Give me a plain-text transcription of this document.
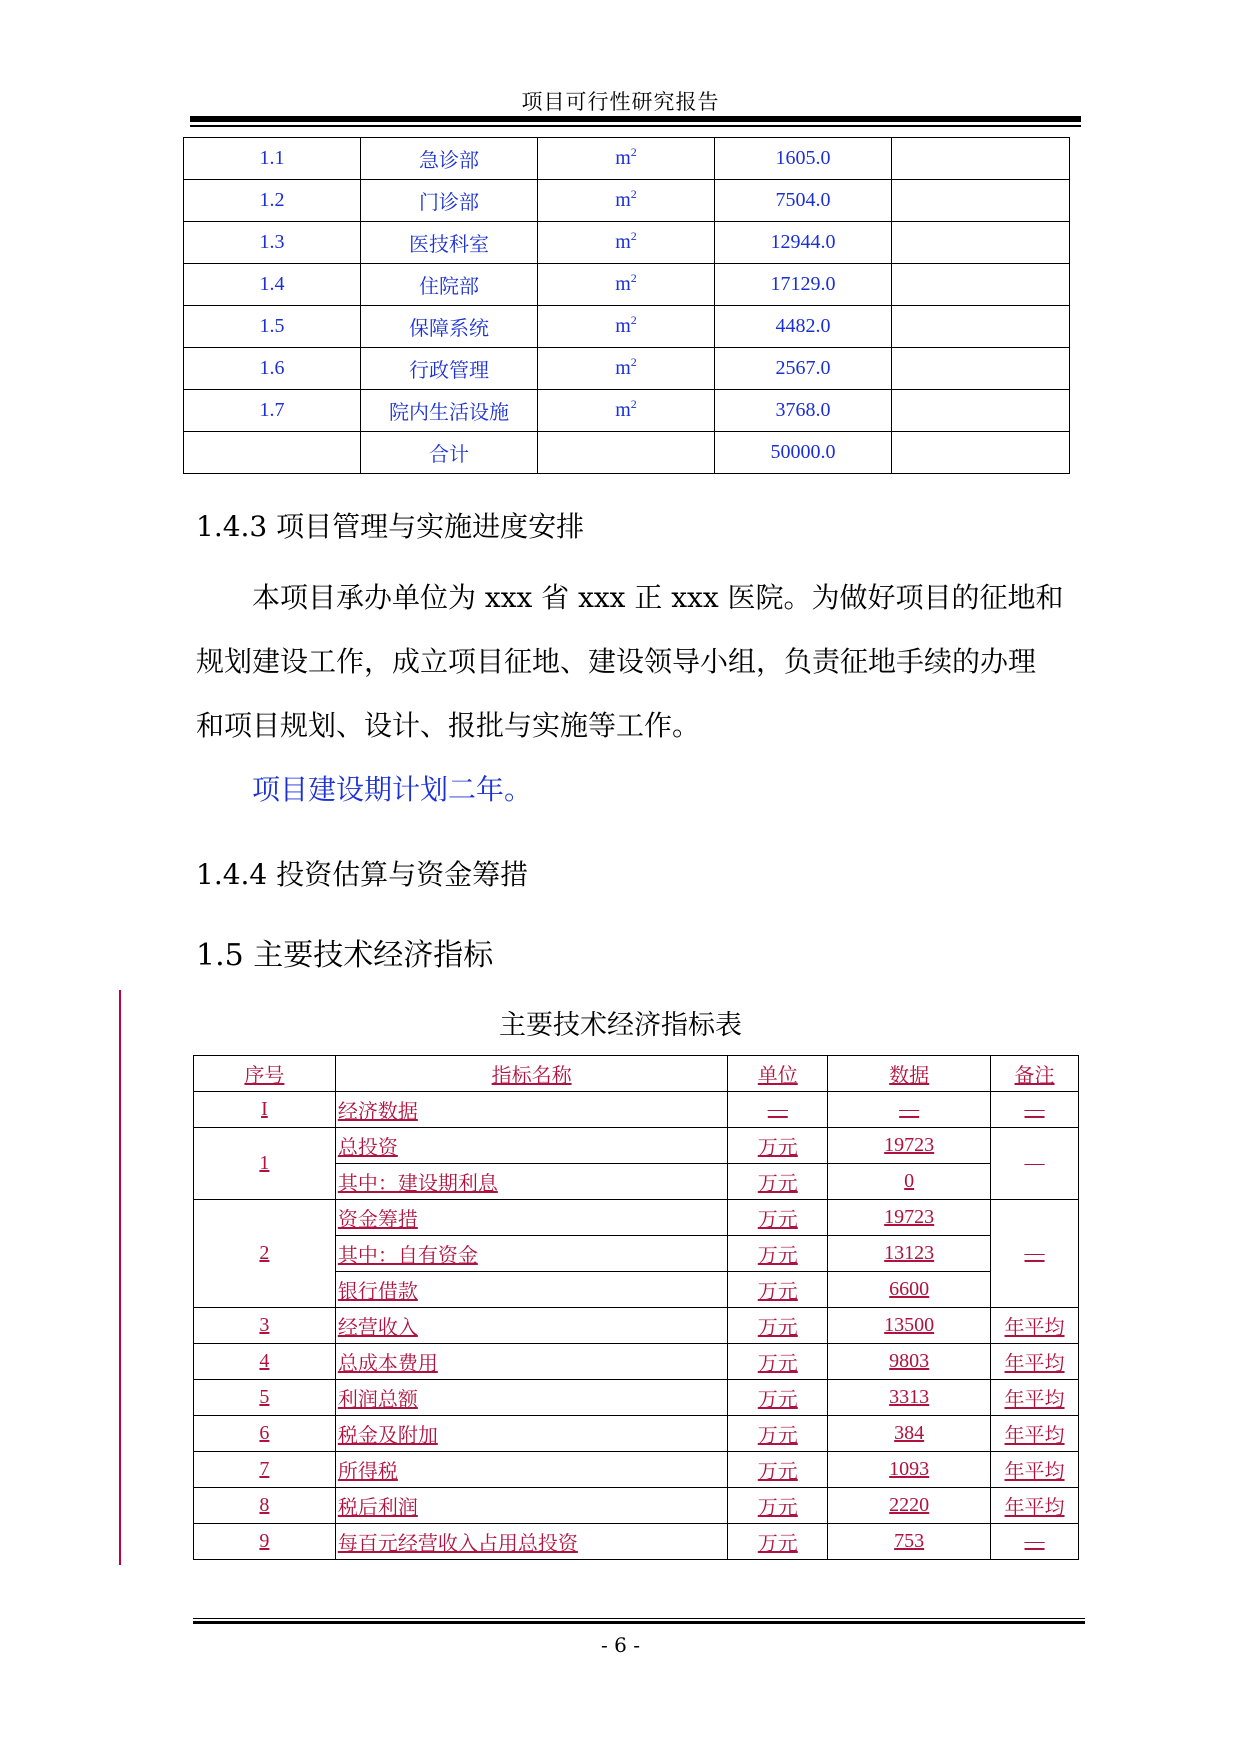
项目可行性研究报告
1.1	急诊部	$m^2$	1605.0	
1.2	门诊部	$m^2$	7504.0	
1.3	医技科室	$m^2$	12944.0	
1.4	住院部	$m^2$	17129.0	
1.5	保障系统	$m^2$	4482.0	
1.6	行政管理	$m^2$	2567.0	
1.7	院内生活设施	$m^2$	3768.0	
	合计		50000.0	
1.4.3 项目管理与实施进度安排
本项目承办单位为 xxx 省 xxx 正 xxx 医院。为做好项目的征地和
规划建设工作，成立项目征地、建设领导小组，负责征地手续的办理
和项目规划、设计、报批与实施等工作。
项目建设期计划二年。
1.4.4 投资估算与资金筹措
1.5 主要技术经济指标
主要技术经济指标表
序号	指标名称	单位	数据	备注
I	经济数据	—	—	—
1	总投资	万元	19723	—
	其中：建设期利息	万元	0	
2	资金筹措	万元	19723	—
	其中：自有资金	万元	13123	
	银行借款	万元	6600	
3	经营收入	万元	13500	年平均
4	总成本费用	万元	9803	年平均
5	利润总额	万元	3313	年平均
6	税金及附加	万元	384	年平均
7	所得税	万元	1093	年平均
8	税后利润	万元	2220	年平均
9	每百元经营收入占用总投资	万元	753	—
- 6 -
